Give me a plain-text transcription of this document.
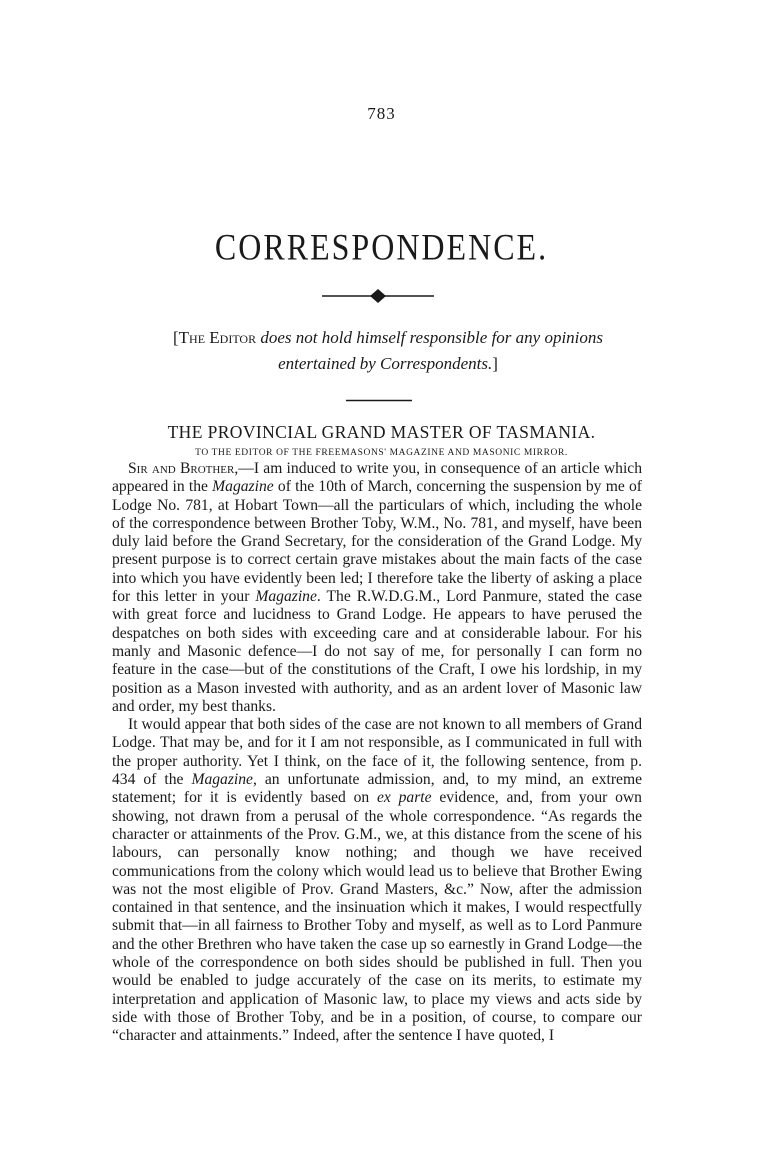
783
CORRESPONDENCE.
[The Editor does not hold himself responsible for any opinions
entertained by Correspondents.]
THE PROVINCIAL GRAND MASTER OF TASMANIA.
TO THE EDITOR OF THE FREEMASONS' MAGAZINE AND MASONIC MIRROR.

Sir and Brother,—I am induced to write you, in consequence of an article which appeared in the Magazine of the 10th of March, concerning the suspension by me of Lodge No. 781, at Hobart Town—all the particulars of which, including the whole of the correspondence between Brother Toby, W.M., No. 781, and myself, have been duly laid before the Grand Secretary, for the consideration of the Grand Lodge. My present purpose is to correct certain grave mistakes about the main facts of the case into which you have evidently been led; I therefore take the liberty of asking a place for this letter in your Magazine. The R.W.D.G.M., Lord Panmure, stated the case with great force and lucidness to Grand Lodge. He appears to have perused the despatches on both sides with exceeding care and at considerable labour. For his manly and Masonic defence—I do not say of me, for personally I can form no feature in the case—but of the constitutions of the Craft, I owe his lordship, in my position as a Mason invested with authority, and as an ardent lover of Masonic law and order, my best thanks.

It would appear that both sides of the case are not known to all members of Grand Lodge. That may be, and for it I am not responsible, as I communicated in full with the proper authority. Yet I think, on the face of it, the following sentence, from p. 434 of the Magazine, an unfortunate admission, and, to my mind, an extreme statement; for it is evidently based on ex parte evidence, and, from your own showing, not drawn from a perusal of the whole correspondence. “As regards the character or attainments of the Prov. G.M., we, at this distance from the scene of his labours, can personally know nothing; and though we have received communications from the colony which would lead us to believe that Brother Ewing was not the most eligible of Prov. Grand Masters, &c.” Now, after the admission contained in that sentence, and the insinuation which it makes, I would respectfully submit that—in all fairness to Brother Toby and myself, as well as to Lord Panmure and the other Brethren who have taken the case up so earnestly in Grand Lodge—the whole of the correspondence on both sides should be published in full. Then you would be enabled to judge accurately of the case on its merits, to estimate my interpretation and application of Masonic law, to place my views and acts side by side with those of Brother Toby, and be in a position, of course, to compare our “character and attainments.” Indeed, after the sentence I have quoted, I
